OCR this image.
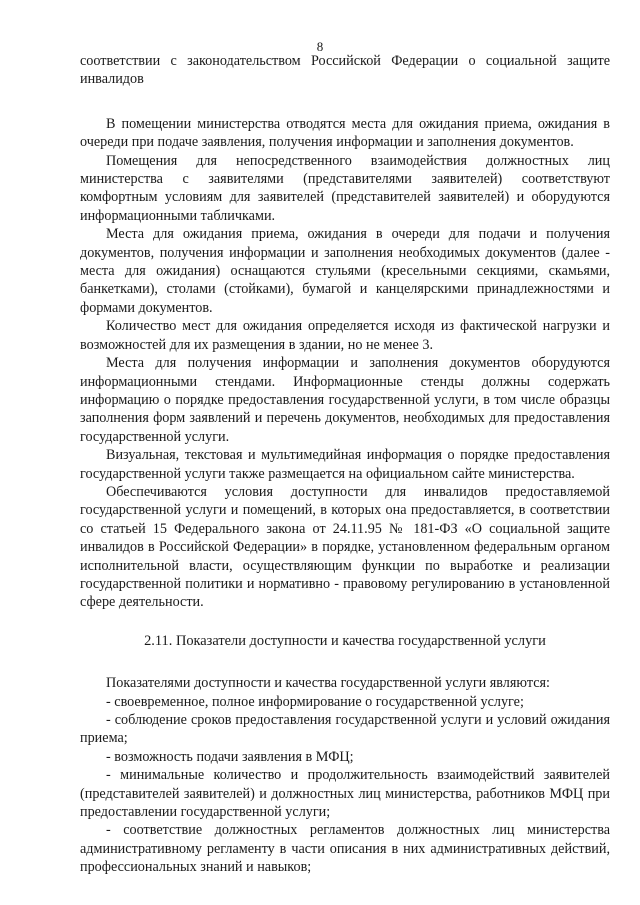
8

соответствии с законодательством Российской Федерации о социальной защите инвалидов

В помещении министерства отводятся места для ожидания приема, ожидания в очереди при подаче заявления, получения информации и заполнения документов.

Помещения для непосредственного взаимодействия должностных лиц министерства с заявителями (представителями заявителей) соответствуют комфортным условиям для заявителей (представителей заявителей) и оборудуются информационными табличками.

Места для ожидания приема, ожидания в очереди для подачи и получения документов, получения информации и заполнения необходимых документов (далее - места для ожидания) оснащаются стульями (кресельными секциями, скамьями, банкетками), столами (стойками), бумагой и канцелярскими принадлежностями и формами документов.

Количество мест для ожидания определяется исходя из фактической нагрузки и возможностей для их размещения в здании, но не менее 3.

Места для получения информации и заполнения документов оборудуются информационными стендами. Информационные стенды должны содержать информацию о порядке предоставления государственной услуги, в том числе образцы заполнения форм заявлений и перечень документов, необходимых для предоставления государственной услуги.

Визуальная, текстовая и мультимедийная информация о порядке предоставления государственной услуги также размещается на официальном сайте министерства.

Обеспечиваются условия доступности для инвалидов предоставляемой государственной услуги и помещений, в которых она предоставляется, в соответствии со статьей 15 Федерального закона от 24.11.95 № 181-ФЗ «О социальной защите инвалидов в Российской Федерации» в порядке, установленном федеральным органом исполнительной власти, осуществляющим функции по выработке и реализации государственной политики и нормативно - правовому регулированию в установленной сфере деятельности.

2.11. Показатели доступности и качества государственной услуги

Показателями доступности и качества государственной услуги являются:

- своевременное, полное информирование о государственной услуге;

- соблюдение сроков предоставления государственной услуги и условий ожидания приема;

- возможность подачи заявления в МФЦ;

- минимальные количество и продолжительность взаимодействий заявителей (представителей заявителей) и должностных лиц министерства, работников МФЦ при предоставлении государственной услуги;

- соответствие должностных регламентов должностных лиц министерства административному регламенту в части описания в них административных действий, профессиональных знаний и навыков;
